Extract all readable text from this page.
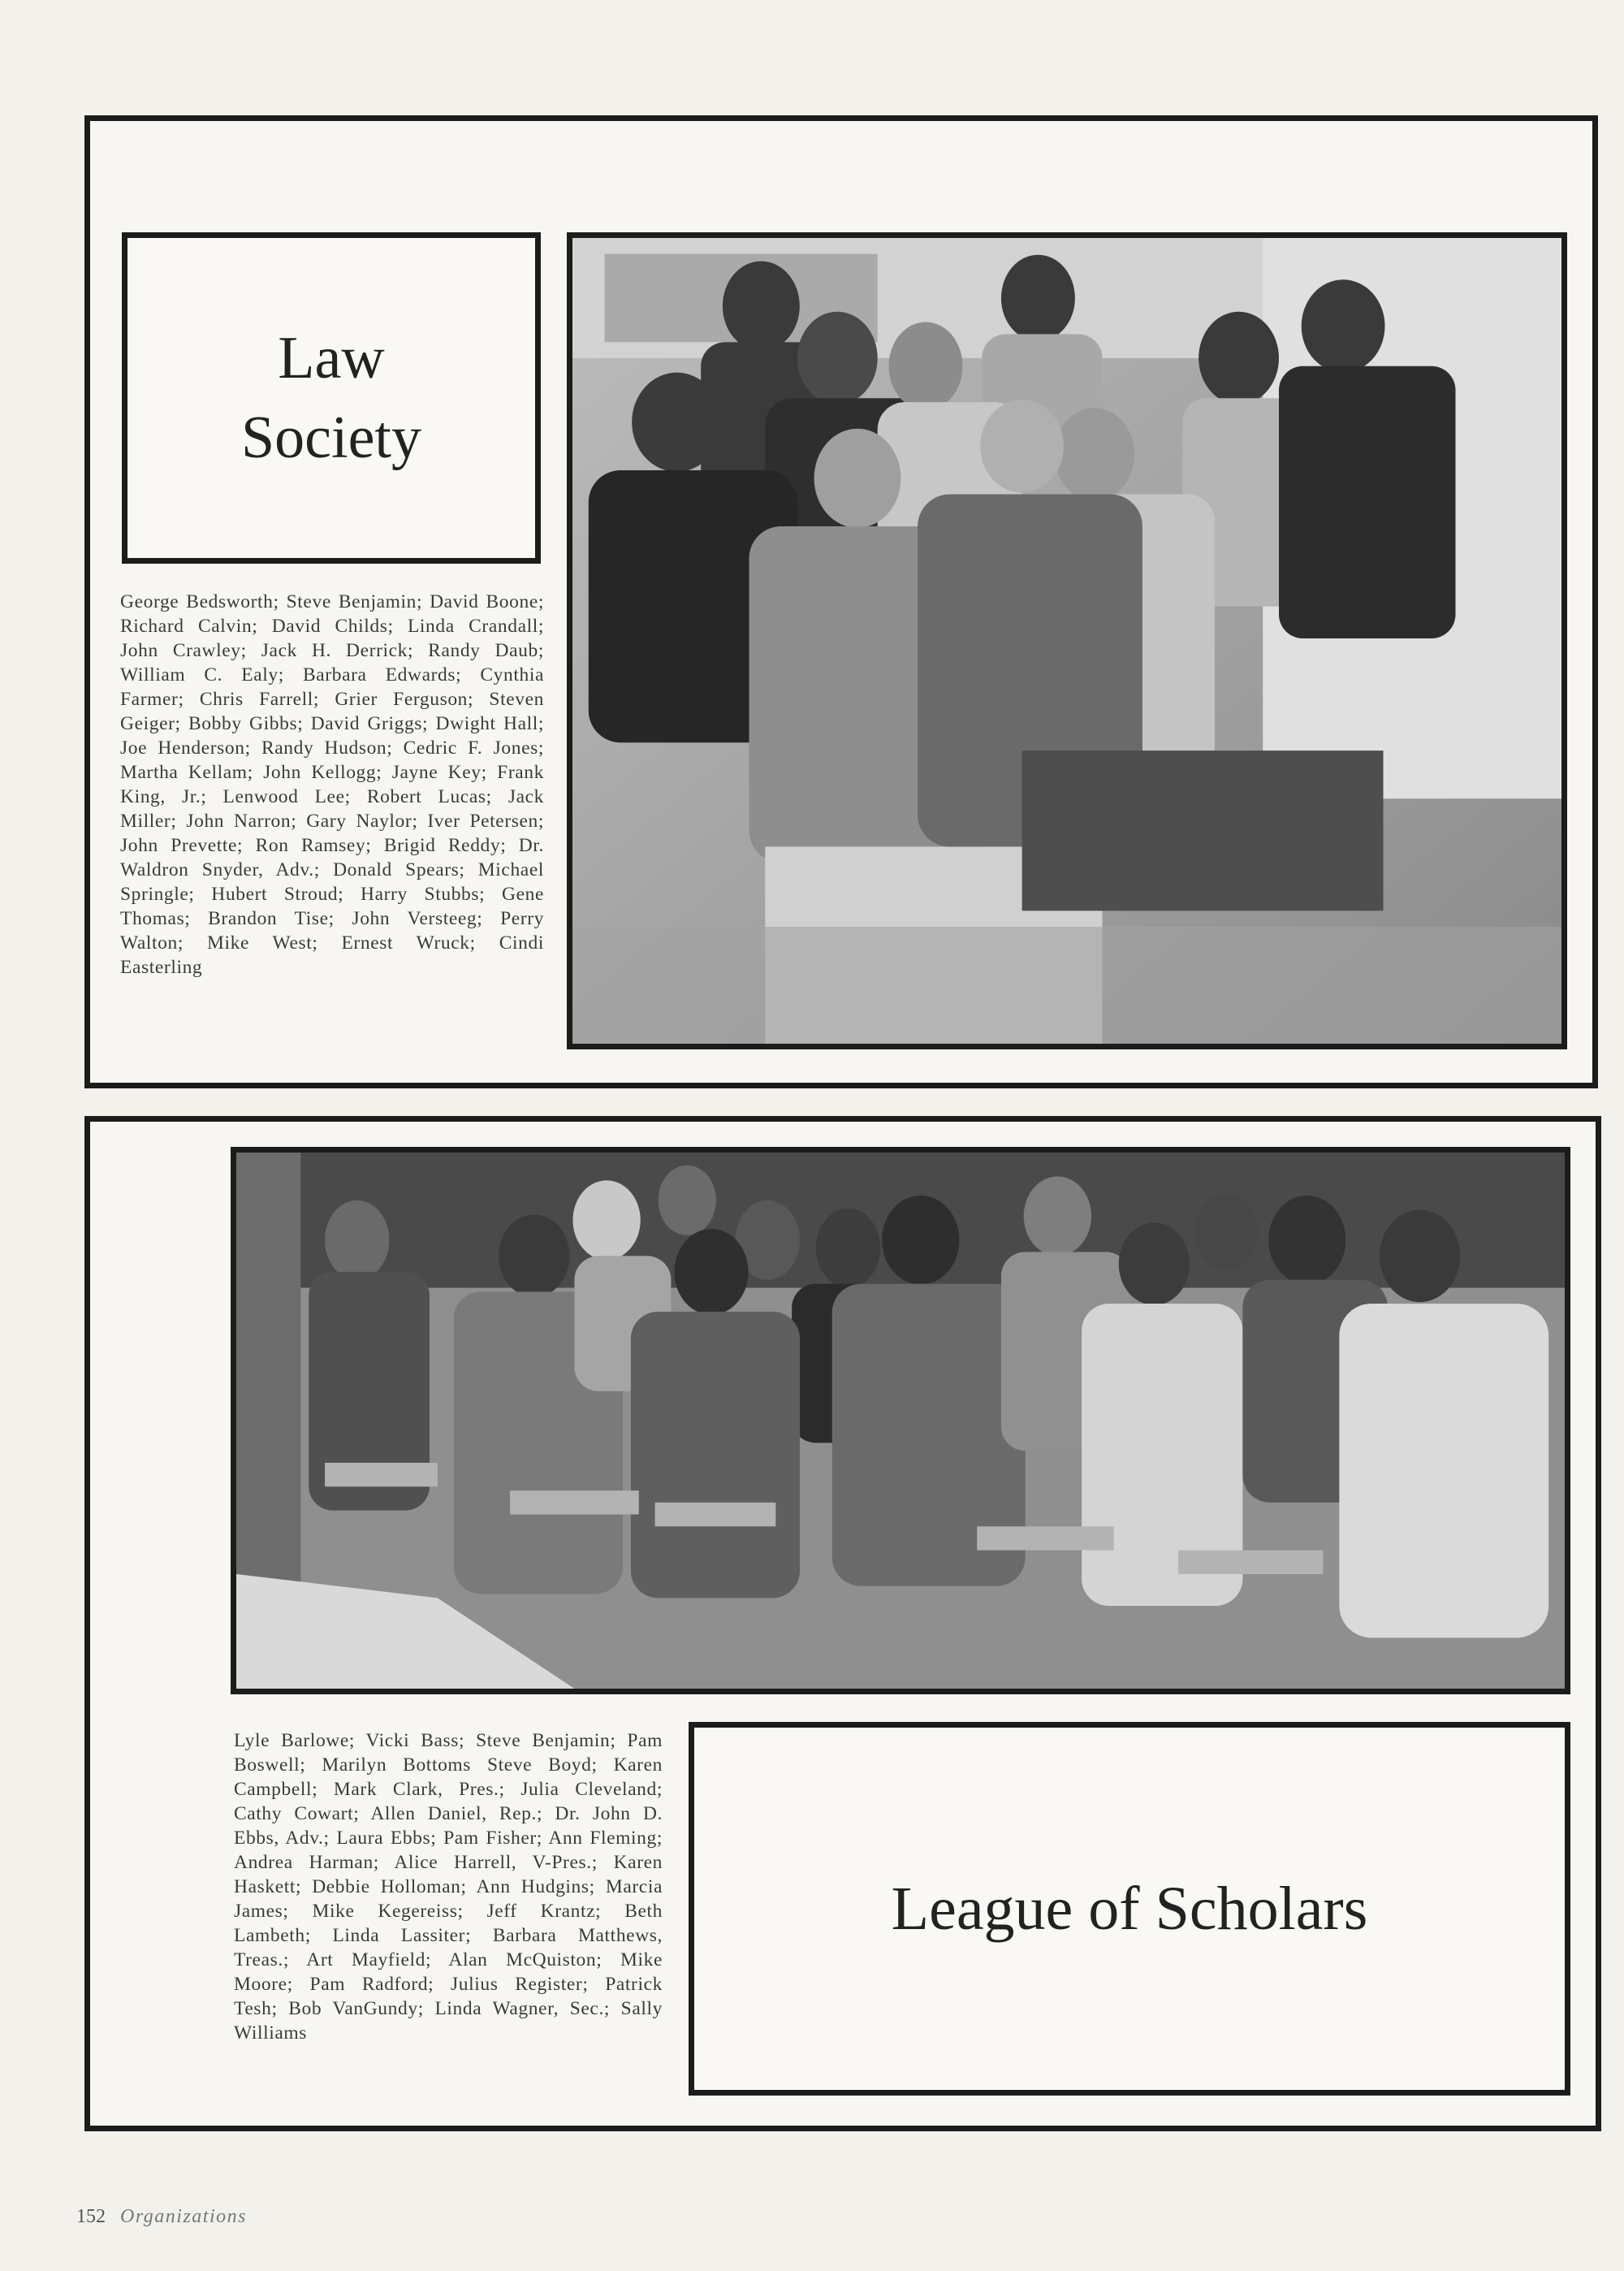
Law
Society
George Bedsworth; Steve Benjamin; David Boone; Richard Calvin; David Childs; Linda Crandall; John Crawley; Jack H. Derrick; Randy Daub; William C. Ealy; Barbara Edwards; Cynthia Farmer; Chris Farrell; Grier Ferguson; Steven Geiger; Bobby Gibbs; David Griggs; Dwight Hall; Joe Henderson; Randy Hudson; Cedric F. Jones; Martha Kellam; John Kellogg; Jayne Key; Frank King, Jr.; Lenwood Lee; Robert Lucas; Jack Miller; John Narron; Gary Naylor; Iver Petersen; John Prevette; Ron Ramsey; Brigid Reddy; Dr. Waldron Snyder, Adv.; Donald Spears; Michael Springle; Hubert Stroud; Harry Stubbs; Gene Thomas; Brandon Tise; John Versteeg; Perry Walton; Mike West; Ernest Wruck; Cindi Easterling
Lyle Barlowe; Vicki Bass; Steve Benjamin; Pam Boswell; Marilyn Bottoms Steve Boyd; Karen Campbell; Mark Clark, Pres.; Julia Cleveland; Cathy Cowart; Allen Daniel, Rep.; Dr. John D. Ebbs, Adv.; Laura Ebbs; Pam Fisher; Ann Fleming; Andrea Harman; Alice Harrell, V-Pres.; Karen Haskett; Debbie Holloman; Ann Hudgins; Marcia James; Mike Kegereiss; Jeff Krantz; Beth Lambeth; Linda Lassiter; Barbara Matthews, Treas.; Art Mayfield; Alan McQuiston; Mike Moore; Pam Radford; Julius Register; Patrick Tesh; Bob VanGundy; Linda Wagner, Sec.; Sally Williams
League of Scholars
152 Organizations
